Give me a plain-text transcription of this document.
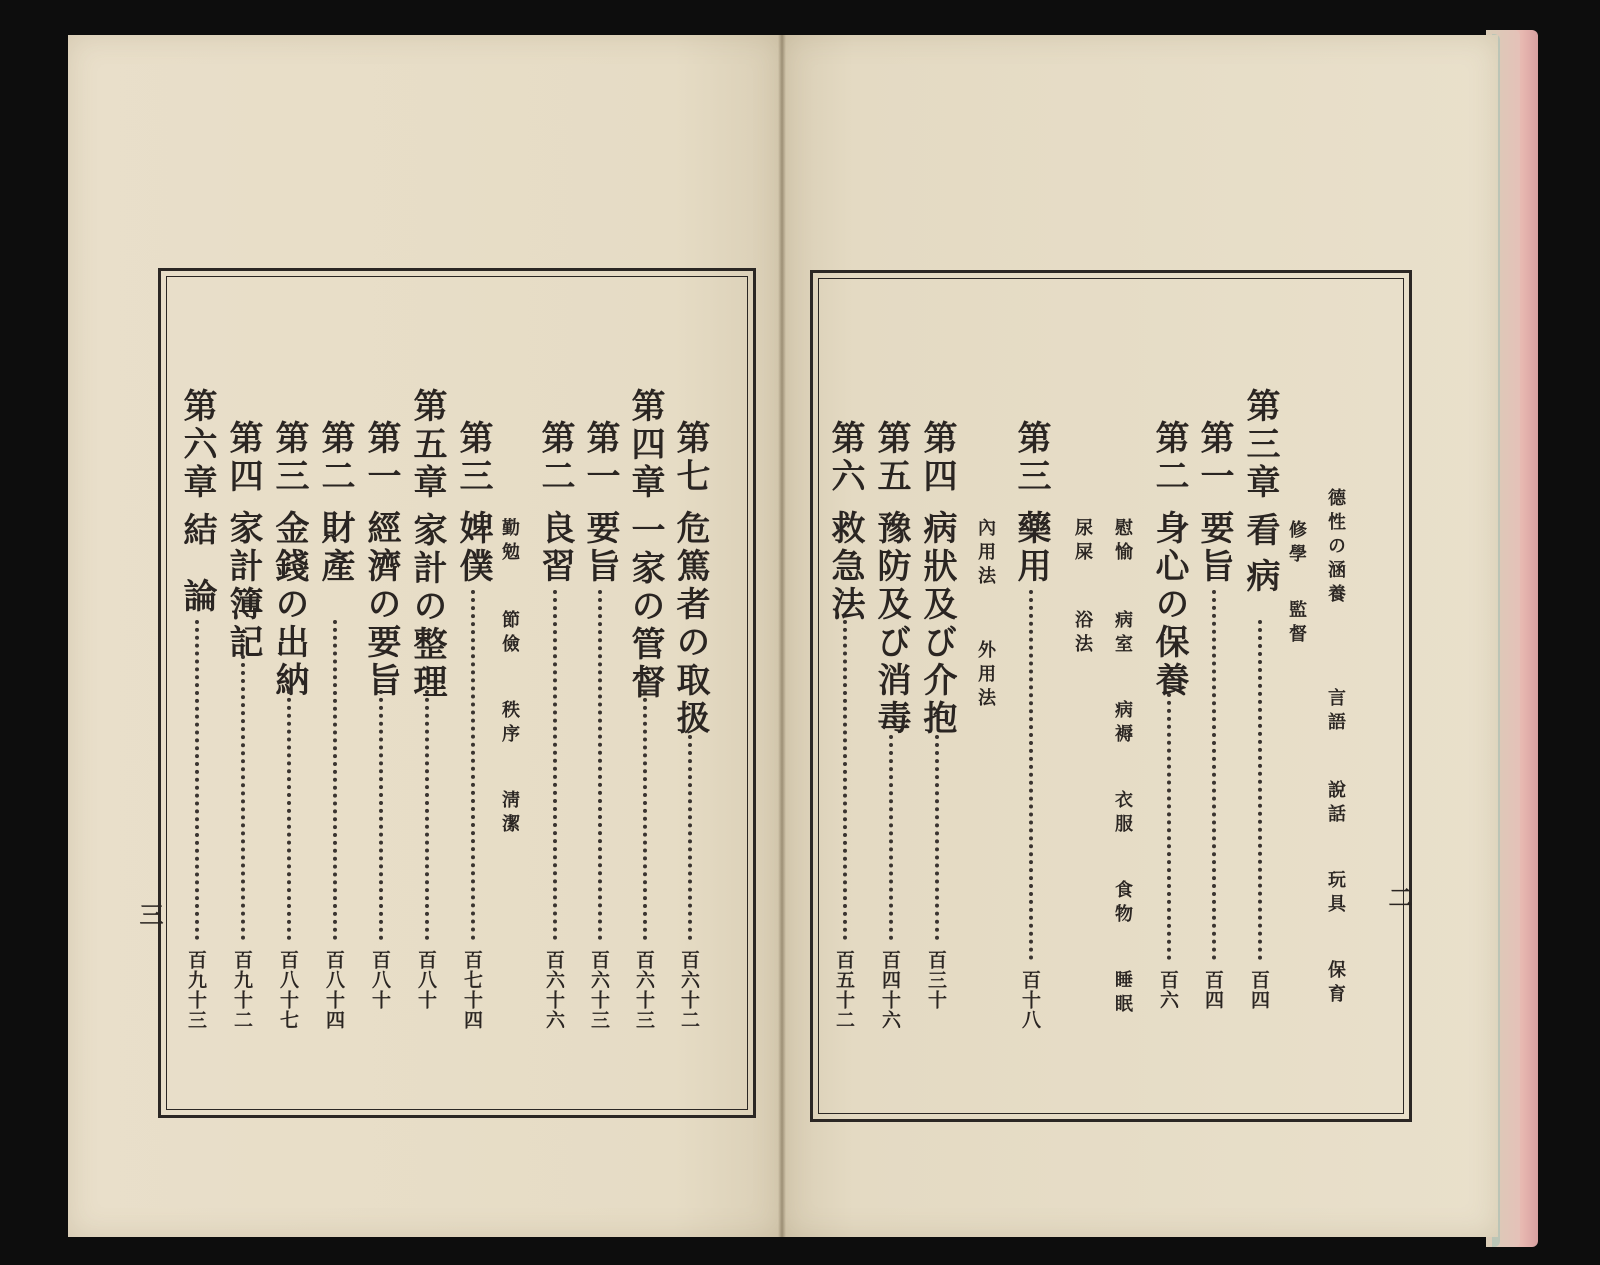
三
第七
危篤者の取扱
百六十二
第四章
一家の管督
百六十三
第一
要旨
百六十三
第二
良習
百六十六
勤勉
節儉
秩序
淸潔
第三
婢僕
百七十四
第五章
家計の整理
百八十
第一
經濟の要旨
百八十
第二
財產
百八十四
第三
金錢の出納
百八十七
第四
家計簿記
百九十二
第六章
結論
百九十三
二
德性の涵養
言語
說話
玩具
保育
修學
監督
第三章
看病
百四
第一
要旨
百四
第二
身心の保養
百六
慰愉
病室
病褥
衣服
食物
睡眠
尿屎
浴法
第三
藥用
百十八
內用法
外用法
第四
病狀及び介抱
百三十
第五
豫防及び消毒
百四十六
第六
救急法
百五十二
